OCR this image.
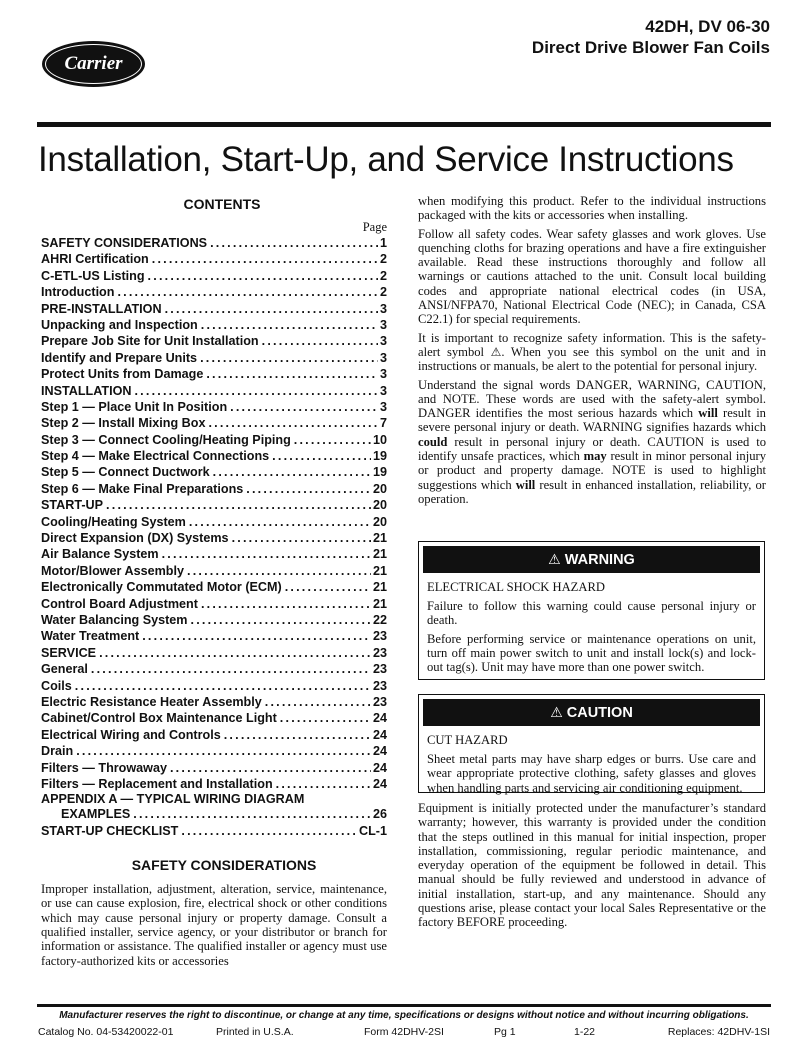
Carrier
42DH, DV 06-30
Direct Drive Blower Fan Coils
Installation, Start-Up, and Service Instructions
CONTENTS
Page
SAFETY CONSIDERATIONS .....	1
AHRI Certification .....	2
C-ETL-US Listing .....	2
Introduction .....	2
PRE-INSTALLATION .....	3
Unpacking and Inspection .....	3
Prepare Job Site for Unit Installation .....	3
Identify and Prepare Units .....	3
Protect Units from Damage .....	3
INSTALLATION .....	3
Step 1 — Place Unit In Position .....	3
Step 2 — Install Mixing Box .....	7
Step 3 — Connect Cooling/Heating Piping .....	10
Step 4 — Make Electrical Connections .....	19
Step 5 — Connect Ductwork .....	19
Step 6 — Make Final Preparations .....	20
START-UP .....	20
Cooling/Heating System .....	20
Direct Expansion (DX) Systems .....	21
Air Balance System .....	21
Motor/Blower Assembly .....	21
Electronically Commutated Motor (ECM) .....	21
Control Board Adjustment .....	21
Water Balancing System .....	22
Water Treatment .....	23
SERVICE .....	23
General .....	23
Coils .....	23
Electric Resistance Heater Assembly .....	23
Cabinet/Control Box Maintenance Light .....	24
Electrical Wiring and Controls .....	24
Drain .....	24
Filters — Throwaway .....	24
Filters — Replacement and Installation .....	24
APPENDIX A — TYPICAL WIRING DIAGRAM
EXAMPLES .....	26
START-UP CHECKLIST .....	CL-1
SAFETY CONSIDERATIONS

Improper installation, adjustment, alteration, service, maintenance, or use can cause explosion, fire, electrical shock or other conditions which may cause personal injury or property damage. Consult a qualified installer, service agency, or your distributor or branch for information or assistance. The qualified installer or agency must use factory-authorized kits or accessories

when modifying this product. Refer to the individual instructions packaged with the kits or accessories when installing.

Follow all safety codes. Wear safety glasses and work gloves. Use quenching cloths for brazing operations and have a fire extinguisher available. Read these instructions thoroughly and follow all warnings or cautions attached to the unit. Consult local building codes and appropriate national electrical codes (in USA, ANSI/NFPA70, National Electrical Code (NEC); in Canada, CSA C22.1) for special requirements.

It is important to recognize safety information. This is the safety-alert symbol ⚠. When you see this symbol on the unit and in instructions or manuals, be alert to the potential for personal injury.

Understand the signal words DANGER, WARNING, CAUTION, and NOTE. These words are used with the safety-alert symbol. DANGER identifies the most serious hazards which will result in severe personal injury or death. WARNING signifies hazards which could result in personal injury or death. CAUTION is used to identify unsafe practices, which may result in minor personal injury or product and property damage. NOTE is used to highlight suggestions which will result in enhanced installation, reliability, or operation.

⚠ WARNING
ELECTRICAL SHOCK HAZARD

Failure to follow this warning could cause personal injury or death.

Before performing service or maintenance operations on unit, turn off main power switch to unit and install lock(s) and lock-out tag(s). Unit may have more than one power switch.

⚠ CAUTION
CUT HAZARD

Sheet metal parts may have sharp edges or burrs. Use care and wear appropriate protective clothing, safety glasses and gloves when handling parts and servicing air conditioning equipment.

Equipment is initially protected under the manufacturer’s standard warranty; however, this warranty is provided under the condition that the steps outlined in this manual for initial inspection, proper installation, commissioning, regular periodic maintenance, and everyday operation of the equipment be followed in detail. This manual should be fully reviewed and understood in advance of initial installation, start-up, and any maintenance. Should any questions arise, please contact your local Sales Representative or the factory BEFORE proceeding.

Manufacturer reserves the right to discontinue, or change at any time, specifications or designs without notice and without incurring obligations.
Catalog No. 04-53420022-01	Printed in U.S.A.	Form 42DHV-2SI	Pg 1	1-22	Replaces: 42DHV-1SI
